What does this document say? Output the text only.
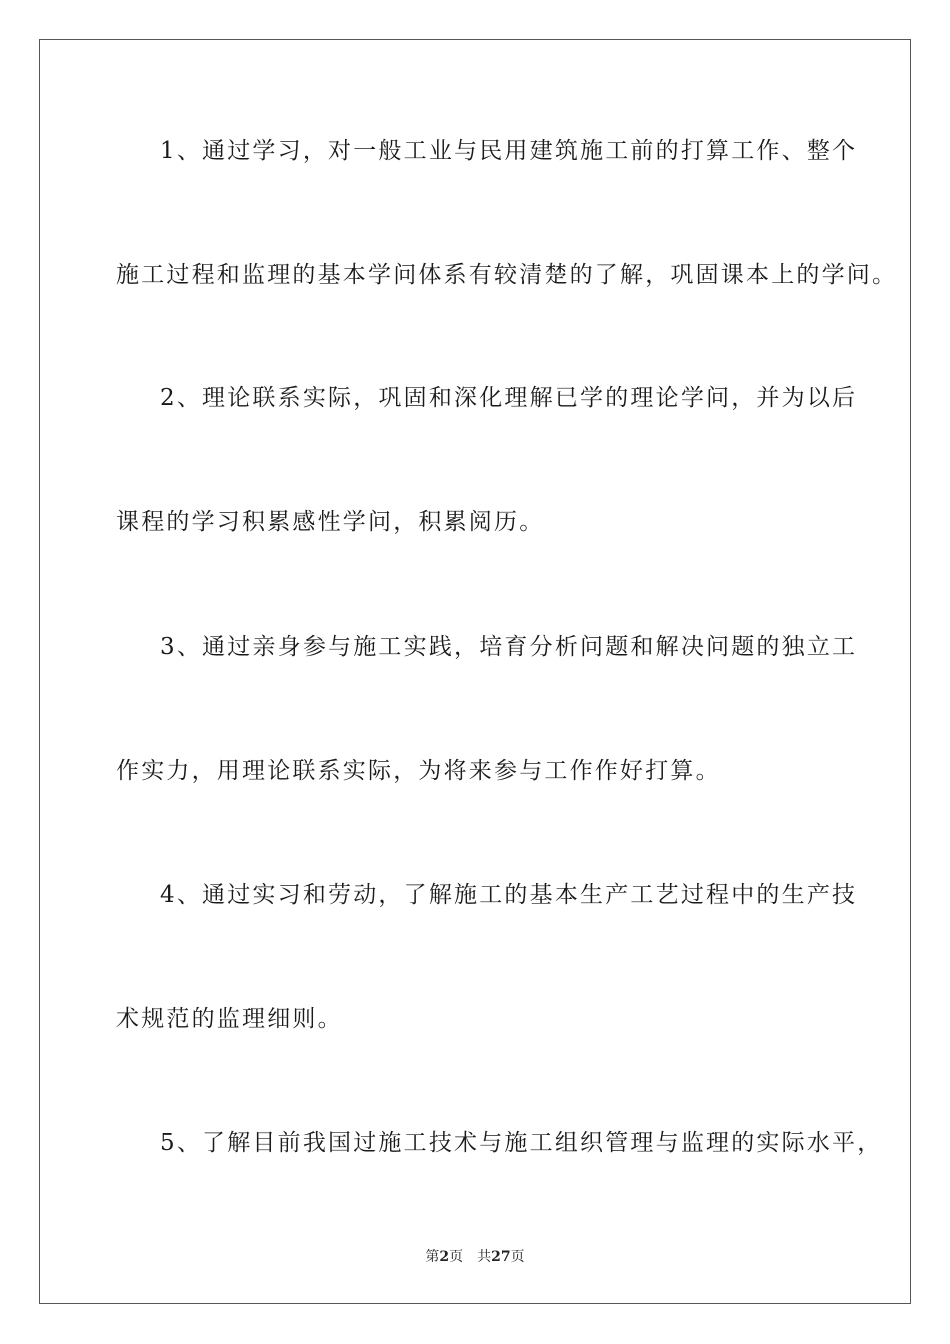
1、通过学习，对一般工业与民用建筑施工前的打算工作、整个
施工过程和监理的基本学问体系有较清楚的了解，巩固课本上的学问。
2、理论联系实际，巩固和深化理解已学的理论学问，并为以后
课程的学习积累感性学问，积累阅历。
3、通过亲身参与施工实践，培育分析问题和解决问题的独立工
作实力，用理论联系实际，为将来参与工作作好打算。
4、通过实习和劳动，了解施工的基本生产工艺过程中的生产技
术规范的监理细则。
5、了解目前我国过施工技术与施工组织管理与监理的实际水平，
第2页 共27页
